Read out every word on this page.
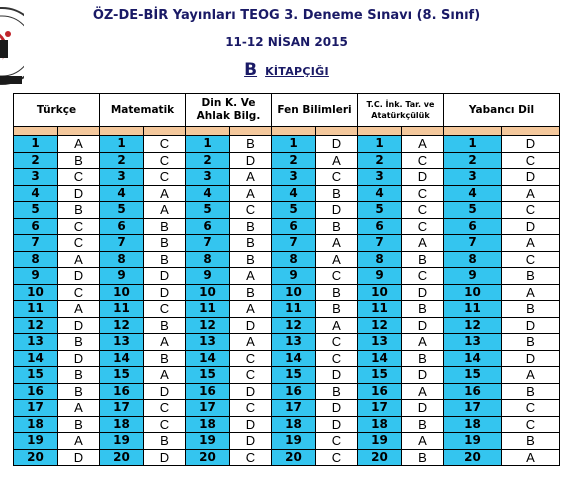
ÖZ-DE-BİR Yayınları TEOG 3. Deneme Sınavı (8. Sınıf)
11-12 NİSAN 2015
BKİTAPÇIĞI
Türkçe		Matematik		Din K. Ve Ahlak Bilg.		Fen Bilimleri		T.C. İnk. Tar. ve Atatürkçülük		Yabancı Dil	

1	A	1	C	1	B	1	D	1	A	1	D
2	B	2	C	2	D	2	A	2	C	2	C
3	C	3	C	3	A	3	C	3	D	3	D
4	D	4	A	4	A	4	B	4	C	4	A
5	B	5	A	5	C	5	D	5	C	5	C
6	C	6	B	6	B	6	B	6	C	6	D
7	C	7	B	7	B	7	A	7	A	7	A
8	A	8	B	8	B	8	A	8	B	8	C
9	D	9	D	9	A	9	C	9	C	9	B
10	C	10	D	10	B	10	B	10	D	10	A
11	A	11	C	11	A	11	B	11	B	11	B
12	D	12	B	12	D	12	A	12	D	12	D
13	B	13	A	13	A	13	C	13	A	13	B
14	D	14	B	14	C	14	C	14	B	14	D
15	B	15	A	15	C	15	D	15	D	15	A
16	B	16	D	16	D	16	B	16	A	16	B
17	A	17	C	17	C	17	D	17	D	17	C
18	B	18	C	18	D	18	D	18	B	18	C
19	A	19	B	19	D	19	C	19	A	19	B
20	D	20	D	20	C	20	C	20	B	20	A
